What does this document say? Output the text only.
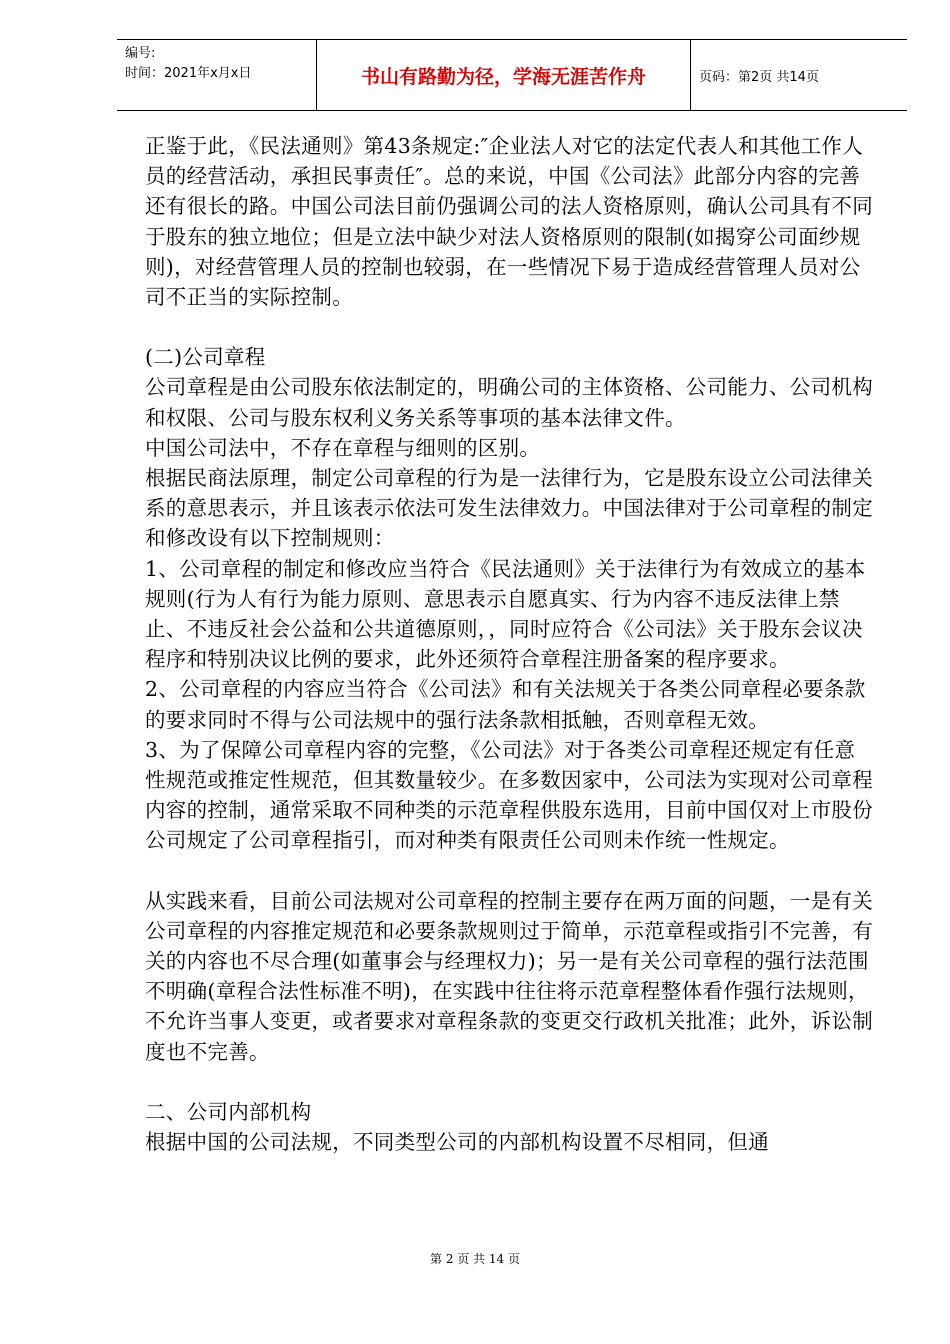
编号:
时间：2021年x月x日	书山有路勤为径，学海无涯苦作舟	页码：第2页 共14页

正鉴于此，《民法通则》第43条规定:″企业法人对它的法定代表人和其他工作人员的经营活动，承担民事责任″。总的来说，中国《公司法》此部分内容的完善还有很长的路。中国公司法目前仍强调公司的法人资格原则，确认公司具有不同于股东的独立地位；但是立法中缺少对法人资格原则的限制(如揭穿公司面纱规则)，对经营管理人员的控制也较弱，在一些情况下易于造成经营管理人员对公司不正当的实际控制。

(二)公司章程

公司章程是由公司股东依法制定的，明确公司的主体资格、公司能力、公司机构和权限、公司与股东权利义务关系等事项的基本法律文件。

中国公司法中，不存在章程与细则的区别。

根据民商法原理，制定公司章程的行为是一法律行为，它是股东设立公司法律关系的意思表示，并且该表示依法可发生法律效力。中国法律对于公司章程的制定和修改设有以下控制规则：

1、公司章程的制定和修改应当符合《民法通则》关于法律行为有效成立的基本规则(行为人有行为能力原则、意思表示自愿真实、行为内容不违反法律上禁止、不违反社会公益和公共道德原则，，同时应符合《公司法》关于股东会议决程序和特别决议比例的要求，此外还须符合章程注册备案的程序要求。

2、公司章程的内容应当符合《公司法》和有关法规关于各类公同章程必要条款的要求同时不得与公司法规中的强行法条款相抵触，否则章程无效。

3、为了保障公司章程内容的完整，《公司法》对于各类公司章程还规定有任意性规范或推定性规范，但其数量较少。在多数因家中，公司法为实现对公司章程内容的控制，通常采取不同种类的示范章程供股东选用，目前中国仅对上市股份公司规定了公司章程指引，而对种类有限责任公司则未作统一性规定。

从实践来看，目前公司法规对公司章程的控制主要存在两万面的问题，一是有关公司章程的内容推定规范和必要条款规则过于简单，示范章程或指引不完善，有关的内容也不尽合理(如董事会与经理权力)；另一是有关公司章程的强行法范围不明确(章程合法性标准不明)，在实践中往往将示范章程整体看作强行法规则，不允许当事人变更，或者要求对章程条款的变更交行政机关批准；此外，诉讼制度也不完善。

二、公司内部机构

根据中国的公司法规，不同类型公司的内部机构设置不尽相同，但通

第 2 页 共 14 页
